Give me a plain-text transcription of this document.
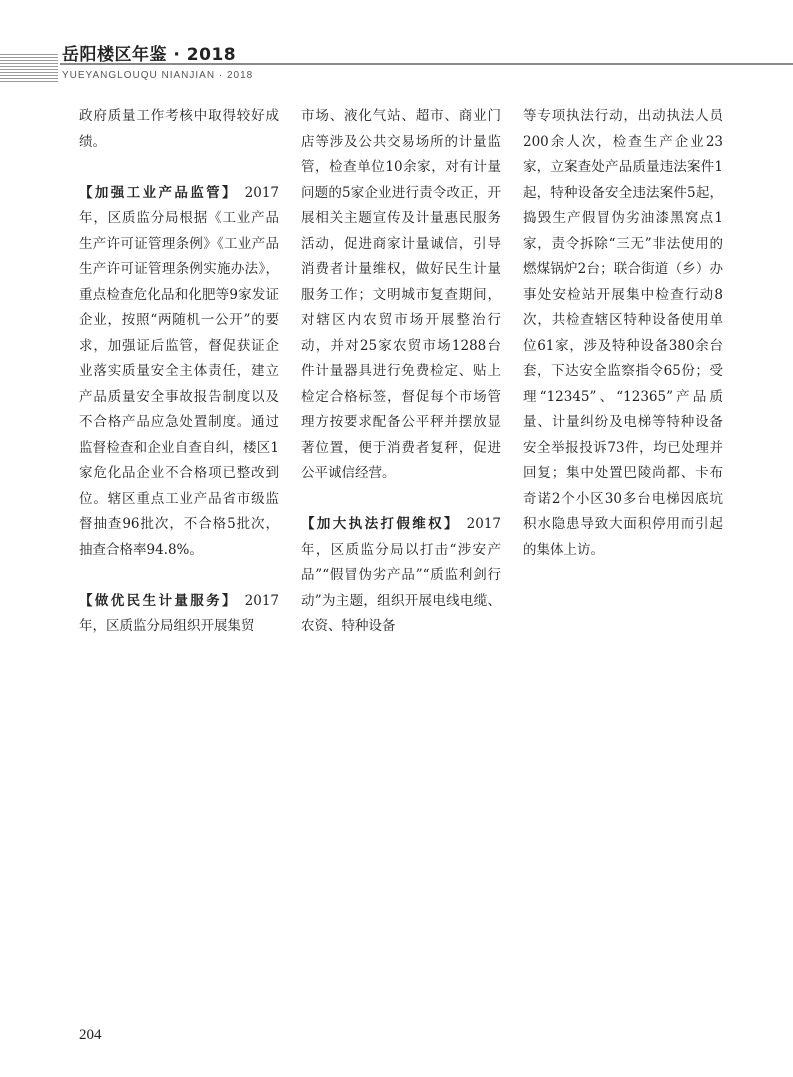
岳阳楼区年鉴 · 2018
YUEYANGLOUQU NIANJIAN · 2018

政府质量工作考核中取得较好成绩。

【加强工业产品监管】 2017年，区质监分局根据《工业产品生产许可证管理条例》《工业产品生产许可证管理条例实施办法》，重点检查危化品和化肥等9家发证企业，按照“两随机一公开”的要求，加强证后监管，督促获证企业落实质量安全主体责任，建立产品质量安全事故报告制度以及不合格产品应急处置制度。通过监督检查和企业自查自纠，楼区1家危化品企业不合格项已整改到位。辖区重点工业产品省市级监督抽查96批次，不合格5批次，抽查合格率94.8%。

【做优民生计量服务】 2017年，区质监分局组织开展集贸

市场、液化气站、超市、商业门店等涉及公共交易场所的计量监管，检查单位10余家，对有计量问题的5家企业进行责令改正，开展相关主题宣传及计量惠民服务活动，促进商家计量诚信，引导消费者计量维权，做好民生计量服务工作；文明城市复查期间，对辖区内农贸市场开展整治行动，并对25家农贸市场1288台件计量器具进行免费检定、贴上检定合格标签，督促每个市场管理方按要求配备公平秤并摆放显著位置，便于消费者复秤，促进公平诚信经营。

【加大执法打假维权】 2017年，区质监分局以打击“涉安产品”“假冒伪劣产品”“质监利剑行动”为主题，组织开展电线电缆、农资、特种设备

等专项执法行动，出动执法人员200余人次，检查生产企业23家，立案查处产品质量违法案件1起，特种设备安全违法案件5起，捣毁生产假冒伪劣油漆黑窝点1家，责令拆除“三无”非法使用的燃煤锅炉2台；联合街道（乡）办事处安检站开展集中检查行动8次，共检查辖区特种设备使用单位61家，涉及特种设备380余台套，下达安全监察指令65份；受理“12345”、“12365”产品质量、计量纠纷及电梯等特种设备安全举报投诉73件，均已处理并回复；集中处置巴陵尚都、卡布奇诺2个小区30多台电梯因底坑积水隐患导致大面积停用而引起的集体上访。

204
